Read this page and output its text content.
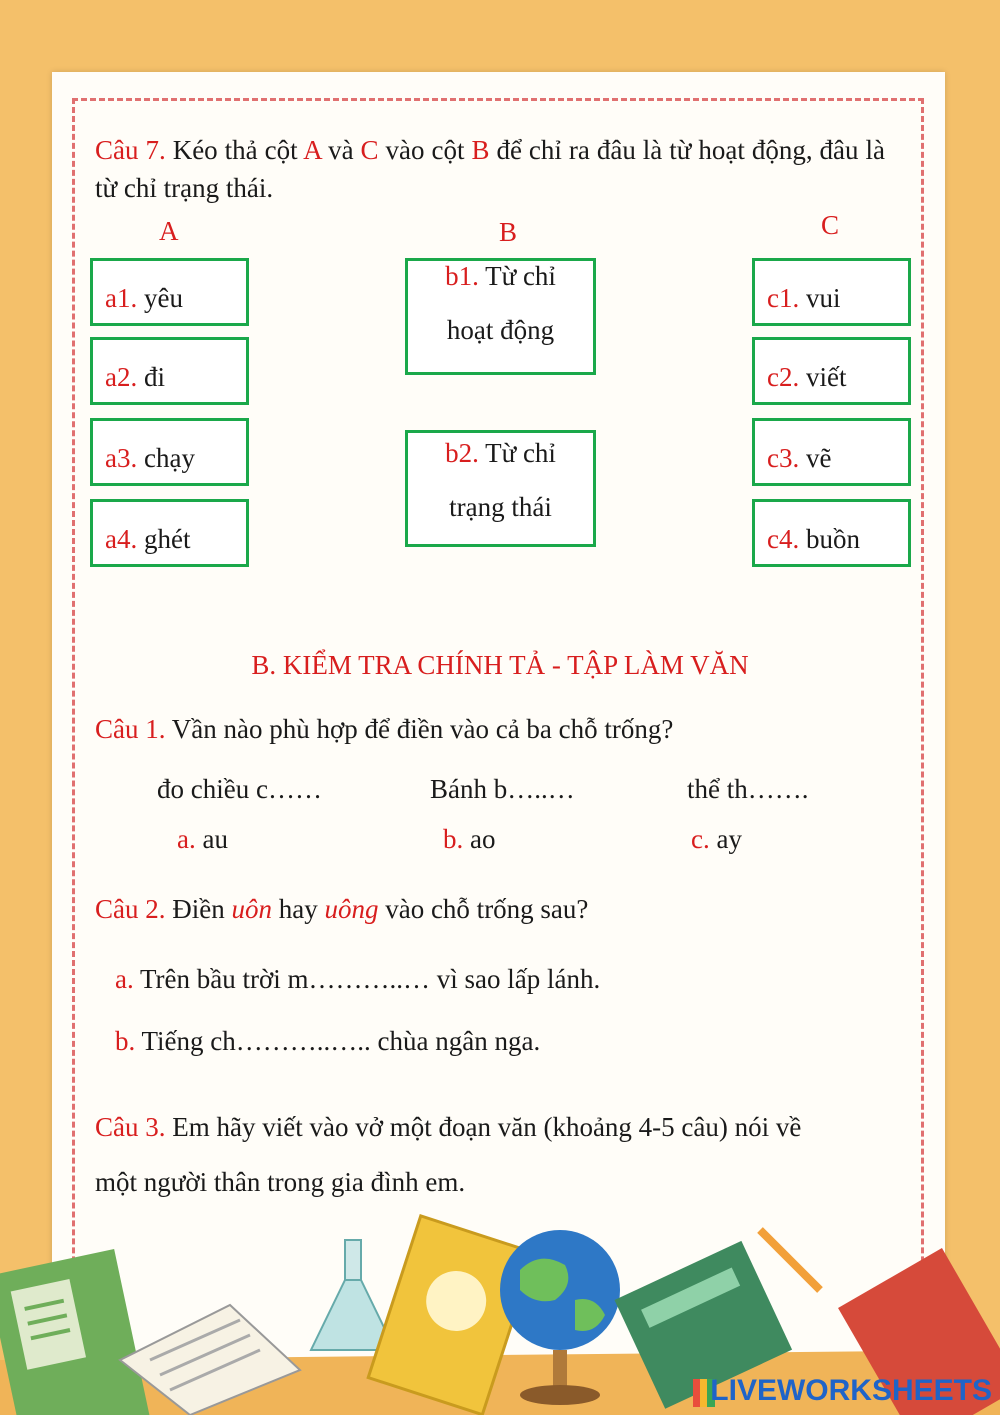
Câu 7. Kéo thả cột A và C vào cột B để chỉ ra đâu là từ hoạt động, đâu là từ chỉ trạng thái.
A	B	C
a1. yêu
a2. đi
a3. chạy
a4. ghét
b1. Từ chỉ
hoạt động
b2. Từ chỉ
trạng thái
c1. vui
c2. viết
c3. vẽ
c4. buồn
B. KIỂM TRA CHÍNH TẢ - TẬP LÀM VĂN
Câu 1. Vần nào phù hợp để điền vào cả ba chỗ trống?
đo chiều c……	Bánh b…..…	thể th…….
a. au	b. ao	c. ay
Câu 2. Điền uôn hay uông vào chỗ trống sau?
a. Trên bầu trời m………..… vì sao lấp lánh.
b. Tiếng ch………..….. chùa ngân nga.
Câu 3. Em hãy viết vào vở một đoạn văn (khoảng 4-5 câu) nói về
một người thân trong gia đình em.
LIVEWORKSHEETS
